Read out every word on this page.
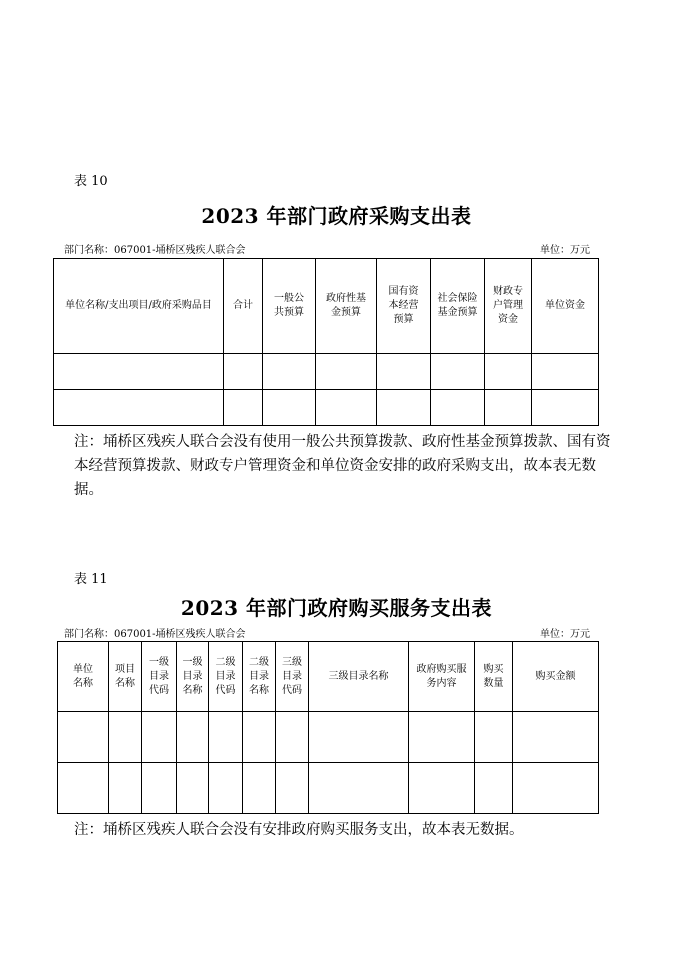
表 10
2023 年部门政府采购支出表
部门名称：067001-埇桥区残疾人联合会	单位：万元
单位名称/支出项目/政府采购品目	合计	一般公共预算	政府性基金预算	国有资本经营预算	社会保险基金预算	财政专户管理资金	单位资金

注：埇桥区残疾人联合会没有使用一般公共预算拨款、政府性基金预算拨款、国有资本经营预算拨款、财政专户管理资金和单位资金安排的政府采购支出，故本表无数据。
表 11
2023 年部门政府购买服务支出表
部门名称：067001-埇桥区残疾人联合会	单位：万元
单位名称	项目名称	一级目录代码	一级目录名称	二级目录代码	二级目录名称	三级目录代码	三级目录名称	政府购买服务内容	购买数量	购买金额

注：埇桥区残疾人联合会没有安排政府购买服务支出，故本表无数据。
